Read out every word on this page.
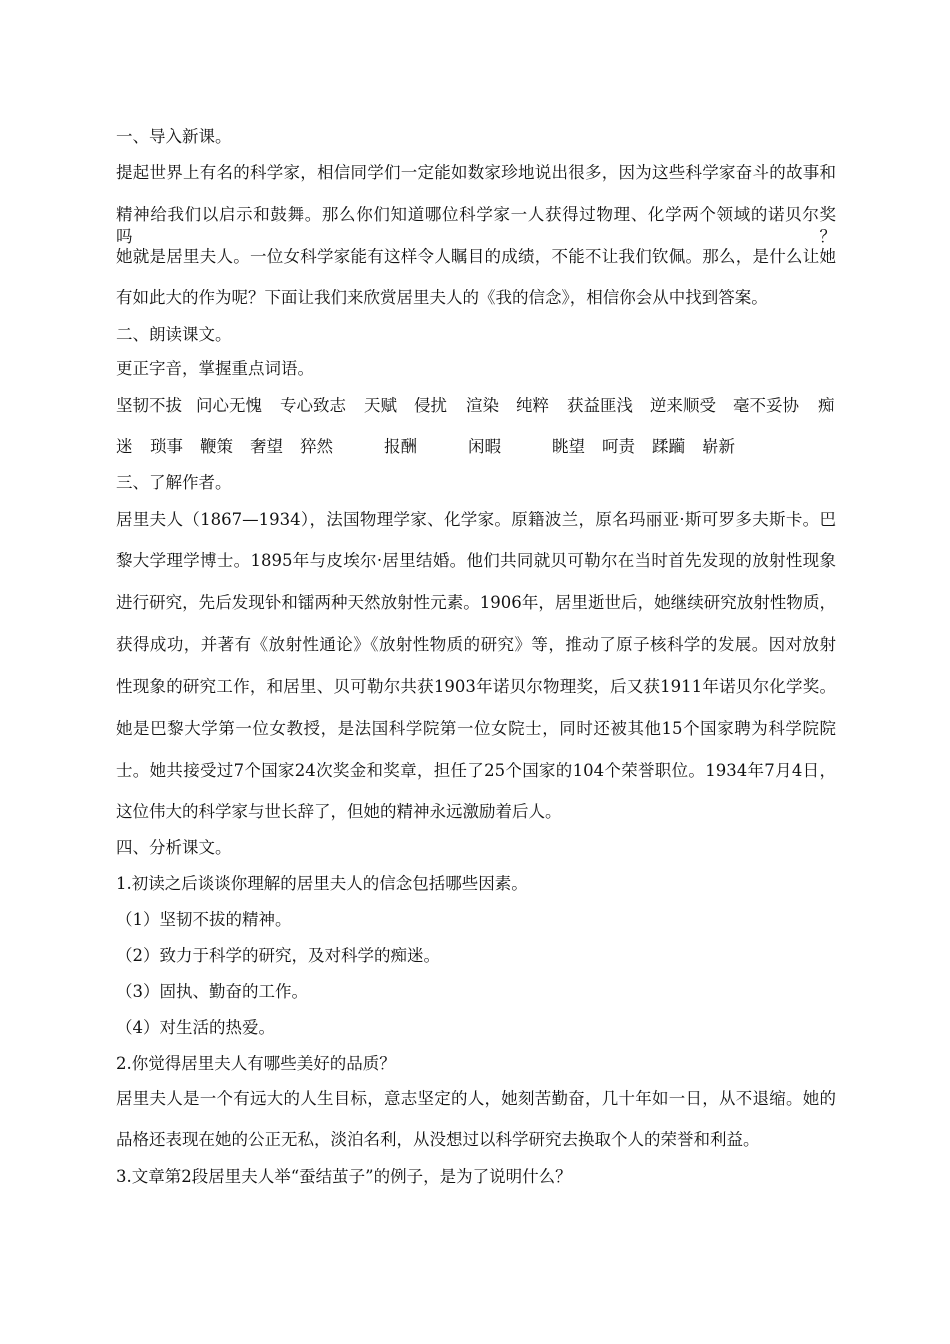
一、导入新课。
提起世界上有名的科学家，相信同学们一定能如数家珍地说出很多，因为这些科学家奋斗的故事和
精神给我们以启示和鼓舞。那么你们知道哪位科学家一人获得过物理、化学两个领域的诺贝尔奖吗？
她就是居里夫人。一位女科学家能有这样令人瞩目的成绩，不能不让我们钦佩。那么，是什么让她
有如此大的作为呢？下面让我们来欣赏居里夫人的《我的信念》，相信你会从中找到答案。
二、朗读课文。
更正字音，掌握重点词语。
坚韧不拔 问心无愧 专心致志 天赋 侵扰 渲染 纯粹 获益匪浅 逆来顺受 毫不妥协 痴
迷 琐事 鞭策 奢望 猝然	报酬	闲暇	眺望 呵责 蹂躏 崭新
三、了解作者。
居里夫人（1867—1934），法国物理学家、化学家。原籍波兰，原名玛丽亚·斯可罗多夫斯卡。巴
黎大学理学博士。1895年与皮埃尔·居里结婚。他们共同就贝可勒尔在当时首先发现的放射性现象
进行研究，先后发现钋和镭两种天然放射性元素。1906年，居里逝世后，她继续研究放射性物质，
获得成功，并著有《放射性通论》《放射性物质的研究》等，推动了原子核科学的发展。因对放射
性现象的研究工作，和居里、贝可勒尔共获1903年诺贝尔物理奖，后又获1911年诺贝尔化学奖。
她是巴黎大学第一位女教授，是法国科学院第一位女院士，同时还被其他15个国家聘为科学院院
士。她共接受过7个国家24次奖金和奖章，担任了25个国家的104个荣誉职位。1934年7月4日，
这位伟大的科学家与世长辞了，但她的精神永远激励着后人。
四、分析课文。
1.初读之后谈谈你理解的居里夫人的信念包括哪些因素。
（1）坚韧不拔的精神。
（2）致力于科学的研究，及对科学的痴迷。
（3）固执、勤奋的工作。
（4）对生活的热爱。
2.你觉得居里夫人有哪些美好的品质？
居里夫人是一个有远大的人生目标，意志坚定的人，她刻苦勤奋，几十年如一日，从不退缩。她的
品格还表现在她的公正无私，淡泊名利，从没想过以科学研究去换取个人的荣誉和利益。
3.文章第2段居里夫人举“蚕结茧子”的例子，是为了说明什么？
